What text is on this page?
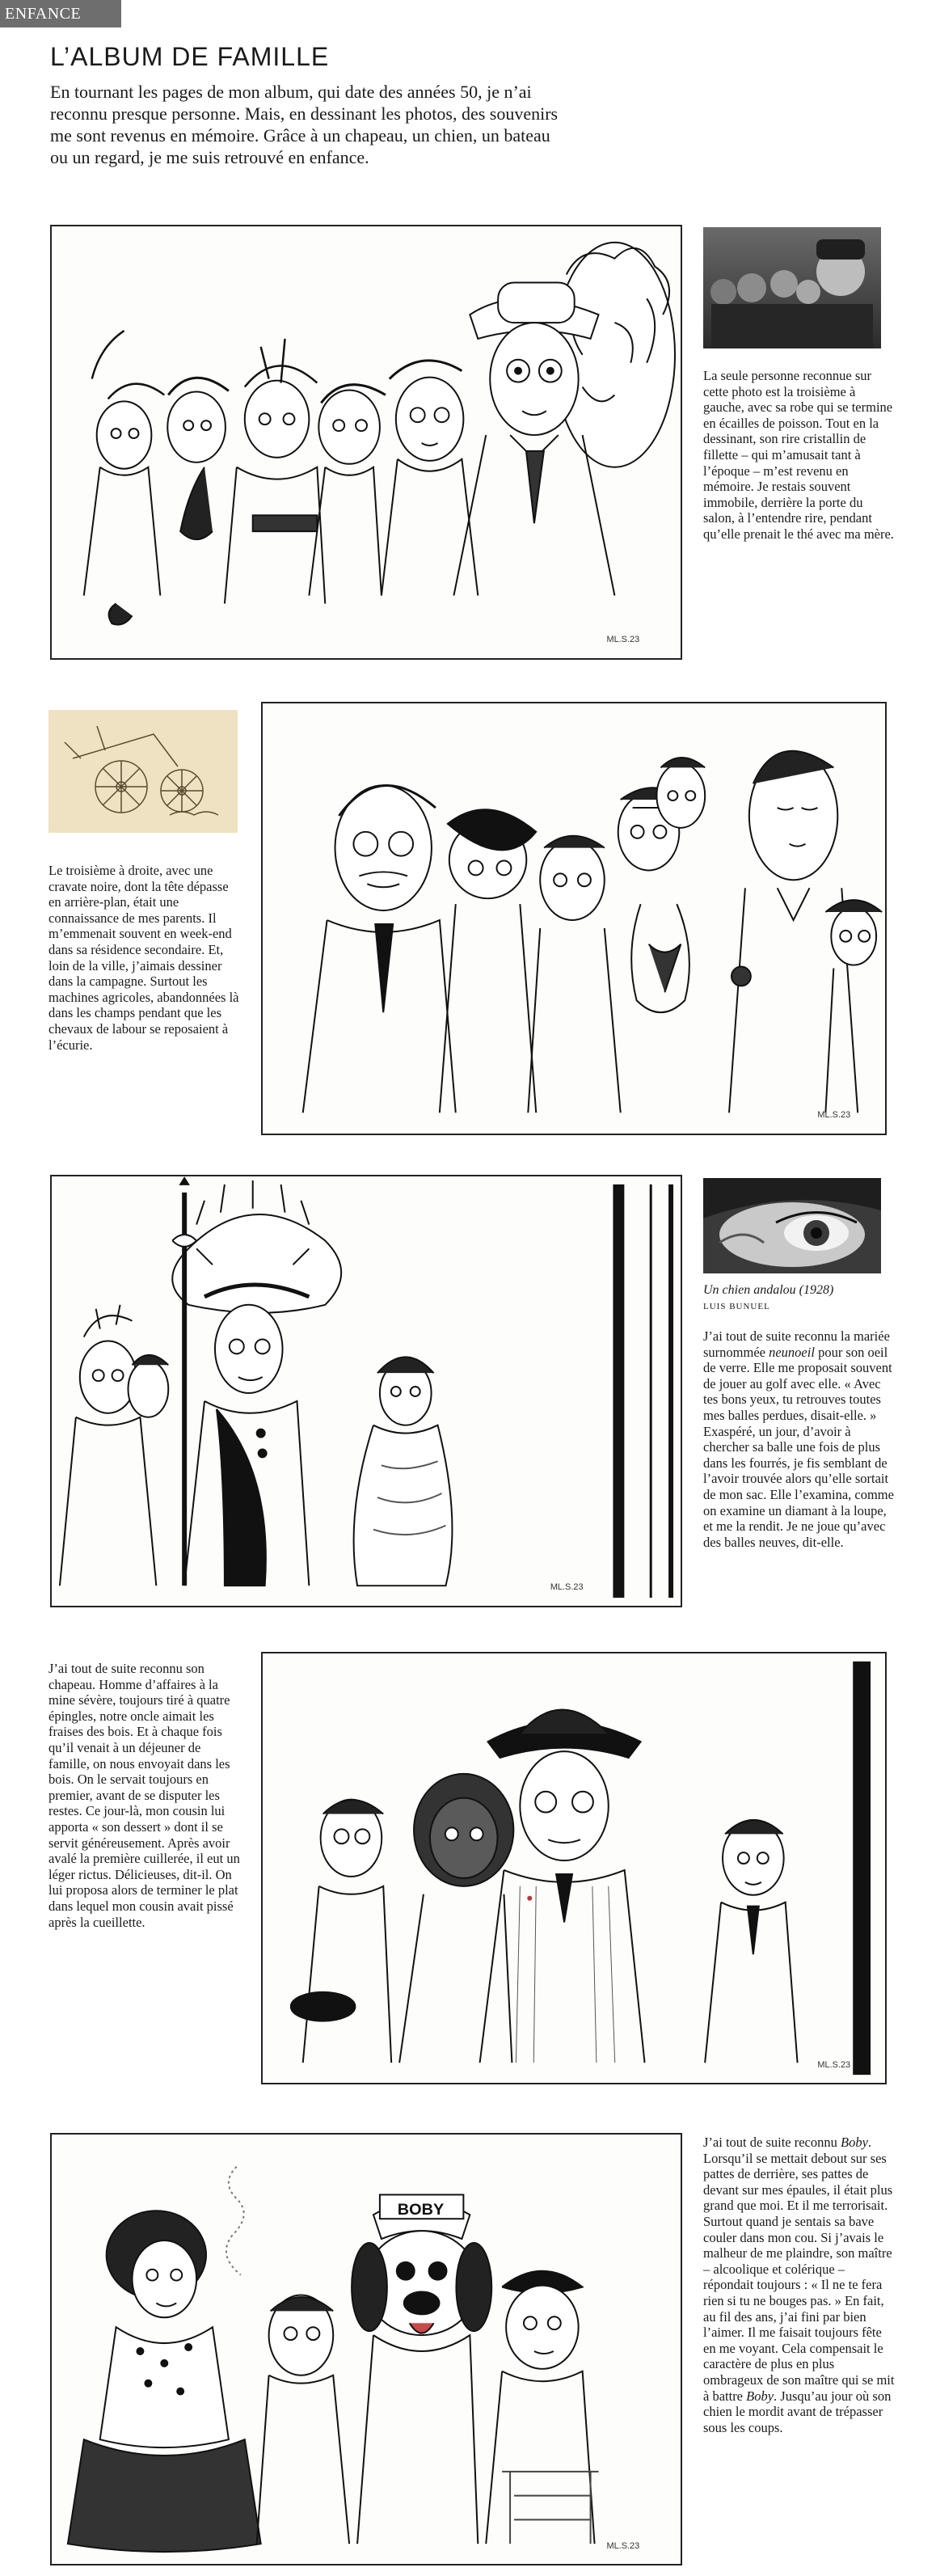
ENFANCE
L’ALBUM DE FAMILLE

En tournant les pages de mon album, qui date des années 50, je n’ai reconnu presque personne. Mais, en dessinant les photos, des souvenirs me sont revenus en mémoire. Grâce à un chapeau, un chien, un bateau ou un regard, je me suis retrouvé en enfance.

ML.S.23

La seule personne reconnue sur cette photo est la troisième à gauche, avec sa robe qui se termine en écailles de poisson. Tout en la dessinant, son rire cristallin de fillette – qui m’amusait tant à l’époque – m’est revenu en mémoire. Je restais souvent immobile, derrière la porte du salon, à l’entendre rire, pendant qu’elle prenait le thé avec ma mère.

Le troisième à droite, avec une cravate noire, dont la tête dépasse en arrière-plan, était une connaissance de mes parents. Il m’emmenait souvent en week-end dans sa résidence secondaire. Et, loin de la ville, j’aimais dessiner dans la campagne. Surtout les machines agricoles, abandonnées là dans les champs pendant que les chevaux de labour se reposaient à l’écurie.

ML.S.23
ML.S.23

Un chien andalou (1928)

LUIS BUNUEL

J’ai tout de suite reconnu la mariée surnommée neunoeil pour son oeil de verre. Elle me proposait souvent de jouer au golf avec elle. « Avec tes bons yeux, tu retrouves toutes mes balles perdues, disait-elle. » Exaspéré, un jour, d’avoir à chercher sa balle une fois de plus dans les fourrés, je fis semblant de l’avoir trouvée alors qu’elle sortait de mon sac. Elle l’examina, comme on examine un diamant à la loupe, et me la rendit. Je ne joue qu’avec des balles neuves, dit-elle.

J’ai tout de suite reconnu son chapeau. Homme d’affaires à la mine sévère, toujours tiré à quatre épingles, notre oncle aimait les fraises des bois. Et à chaque fois qu’il venait à un déjeuner de famille, on nous envoyait dans les bois. On le servait toujours en premier, avant de se disputer les restes. Ce jour-là, mon cousin lui apporta « son dessert » dont il se servit généreusement. Après avoir avalé la première cuillerée, il eut un léger rictus. Délicieuses, dit-il. On lui proposa alors de terminer le plat dans lequel mon cousin avait pissé après la cueillette.

ML.S.23
BOBY
ML.S.23

J’ai tout de suite reconnu Boby. Lorsqu’il se mettait debout sur ses pattes de derrière, ses pattes de devant sur mes épaules, il était plus grand que moi. Et il me terrorisait. Surtout quand je sentais sa bave couler dans mon cou. Si j’avais le malheur de me plaindre, son maître – alcoolique et colérique – répondait toujours : « Il ne te fera rien si tu ne bouges pas. » En fait, au fil des ans, j’ai fini par bien l’aimer. Il me faisait toujours fête en me voyant. Cela compensait le caractère de plus en plus ombrageux de son maître qui se mit à battre Boby. Jusqu’au jour où son chien le mordit avant de trépasser sous les coups.
